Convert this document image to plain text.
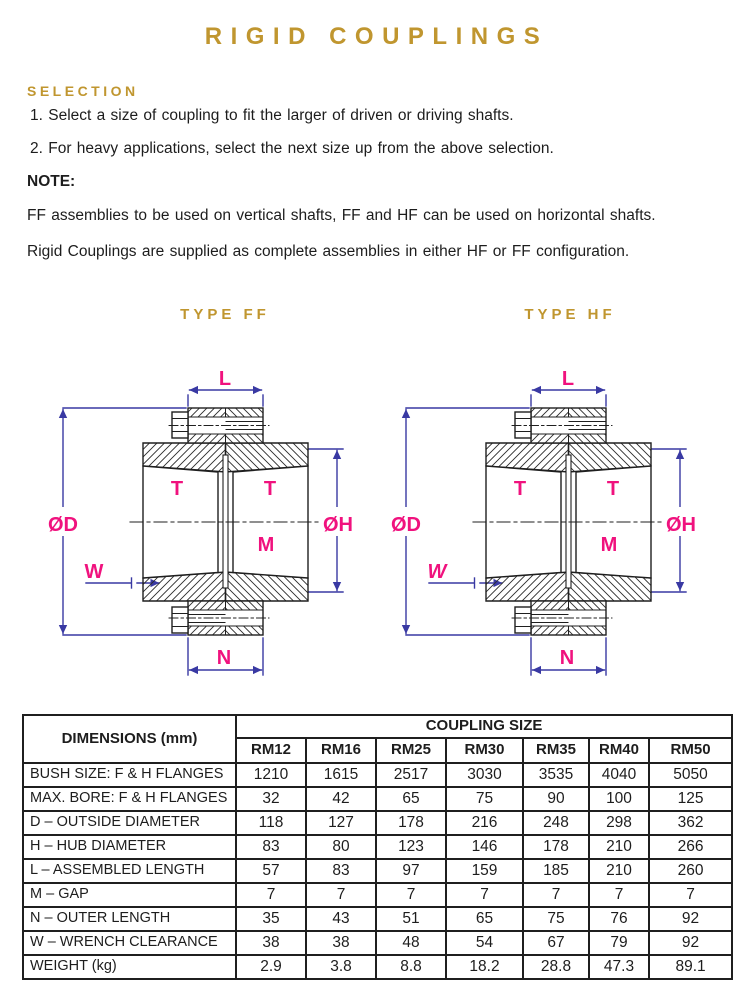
RIGID COUPLINGS
SELECTION
1. Select a size of coupling to fit the larger of driven or driving shafts.
2. For heavy applications, select the next size up from the above selection.
NOTE:
FF assemblies to be used on vertical shafts, FF and HF can be used on horizontal shafts.
Rigid Couplings are supplied as complete assemblies in either HF or FF configuration.
TYPE FF	TYPE HF
L
T	T
M
W
N
ØD	ØH
L
T	T
M
W
N
ØD	ØH
DIMENSIONS (mm)	COUPLING SIZE						
	RM12	RM16	RM25	RM30	RM35	RM40	RM50
BUSH SIZE: F & H FLANGES	1210	1615	2517	3030	3535	4040	5050
MAX. BORE: F & H FLANGES	32	42	65	75	90	100	125
D – OUTSIDE DIAMETER	118	127	178	216	248	298	362
H – HUB DIAMETER	83	80	123	146	178	210	266
L – ASSEMBLED LENGTH	57	83	97	159	185	210	260
M – GAP	7	7	7	7	7	7	7
N – OUTER LENGTH	35	43	51	65	75	76	92
W – WRENCH CLEARANCE	38	38	48	54	67	79	92
WEIGHT (kg)	2.9	3.8	8.8	18.2	28.8	47.3	89.1
